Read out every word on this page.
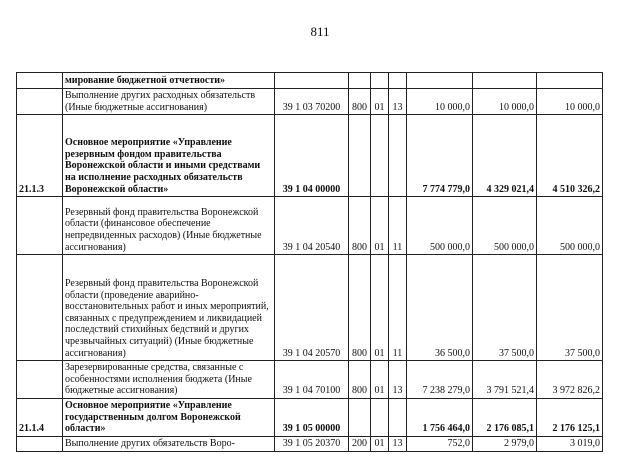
811
	мирование бюджетной отчетности»							
	Выполнение других расходных обязательств (Иные бюджетные ассигнования)	39 1 03 70200	800	01	13	10 000,0	10 000,0	10 000,0
21.1.3	Основное мероприятие «Управление резервным фондом правительства Воронежской области и иными средствами на исполнение расходных обязательств Воронежской области»	39 1 04 00000				7 774 779,0	4 329 021,4	4 510 326,2
	Резервный фонд правительства Воронежской области (финансовое обеспечение непредвиденных расходов) (Иные бюджетные ассигнования)	39 1 04 20540	800	01	11	500 000,0	500 000,0	500 000,0
	Резервный фонд правительства Воронежской области (проведение аварийно-восстановительных работ и иных мероприятий, связанных с предупреждением и ликвидацией последствий стихийных бедствий и других чрезвычайных ситуаций) (Иные бюджетные ассигнования)	39 1 04 20570	800	01	11	36 500,0	37 500,0	37 500,0
	Зарезервированные средства, связанные с особенностями исполнения бюджета (Иные бюджетные ассигнования)	39 1 04 70100	800	01	13	7 238 279,0	3 791 521,4	3 972 826,2
21.1.4	Основное мероприятие «Управление государственным долгом Воронежской области»	39 1 05 00000				1 756 464,0	2 176 085,1	2 176 125,1
	Выполнение других обязательств Воро-	39 1 05 20370	200	01	13	752,0	2 979,0	3 019,0
